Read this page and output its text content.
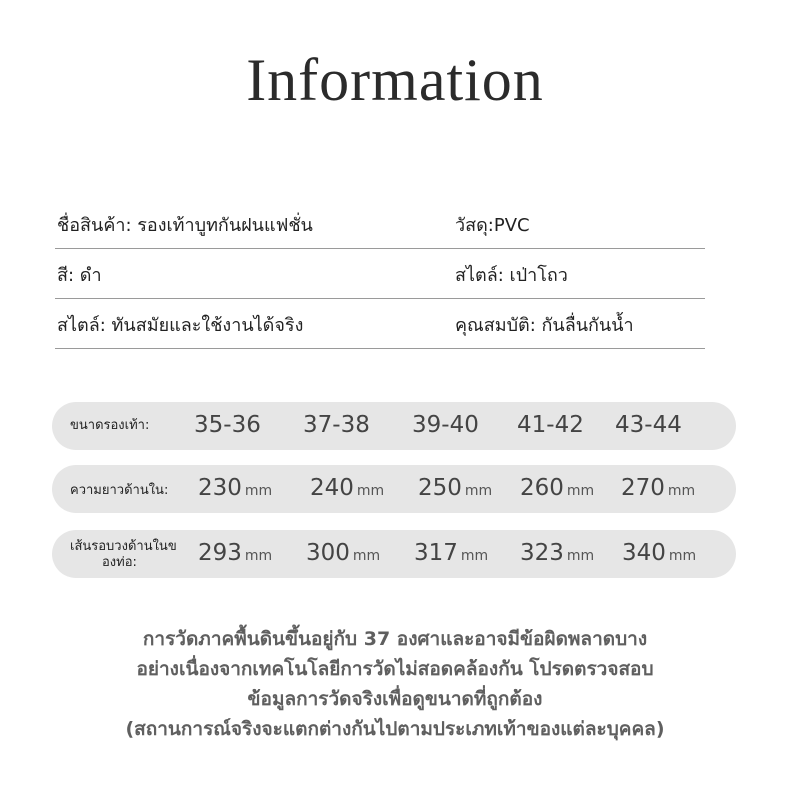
Information
ชื่อสินค้า: รองเท้าบูทกันฝนแฟชั่น	วัสดุ:PVC
สี: ดำ	สไตล์: เป่าโถว
สไตล์: ทันสมัยและใช้งานได้จริง	คุณสมบัติ: กันลื่นกันน้ำ
ขนาดรองเท้า: 35-36 37-38 39-40 41-42 43-44
ความยาวด้านใน: 230 mm 240 mm 250 mm 260 mm 270 mm
เส้นรอบวงด้านในข
องท่อ:	293 mm 300 mm 317 mm 323 mm 340 mm
การวัดภาคพื้นดินขึ้นอยู่กับ 37 องศาและอาจมีข้อผิดพลาดบาง
อย่างเนื่องจากเทคโนโลยีการวัดไม่สอดคล้องกัน โปรดตรวจสอบ
ข้อมูลการวัดจริงเพื่อดูขนาดที่ถูกต้อง
(สถานการณ์จริงจะแตกต่างกันไปตามประเภทเท้าของแต่ละบุคคล)
